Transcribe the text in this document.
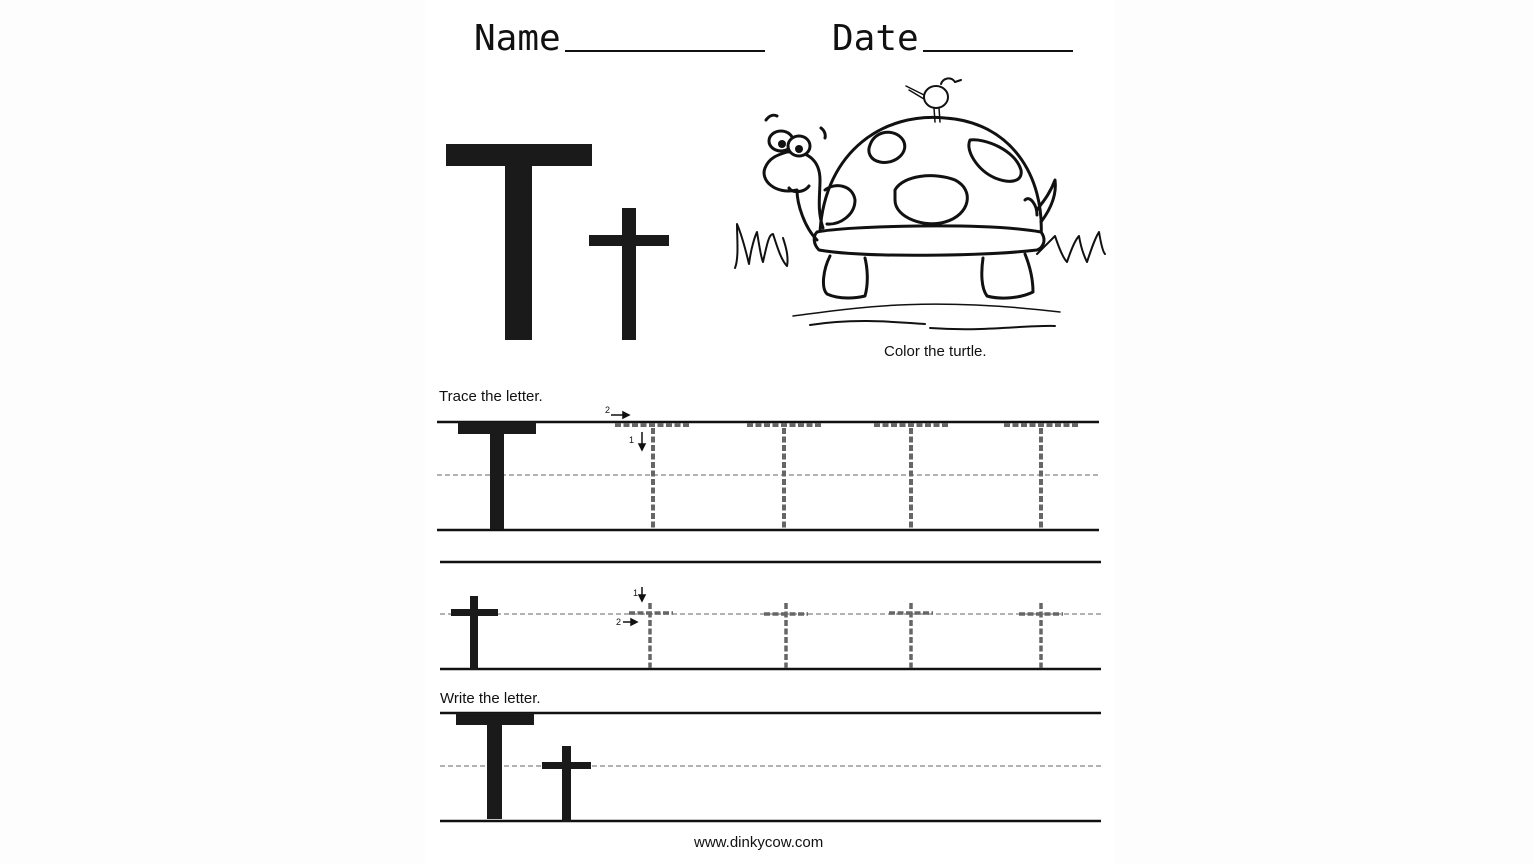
Name	Date
Color the turtle.
Trace the letter.
Write the letter.
www.dinkycow.com
2
1
1
2
